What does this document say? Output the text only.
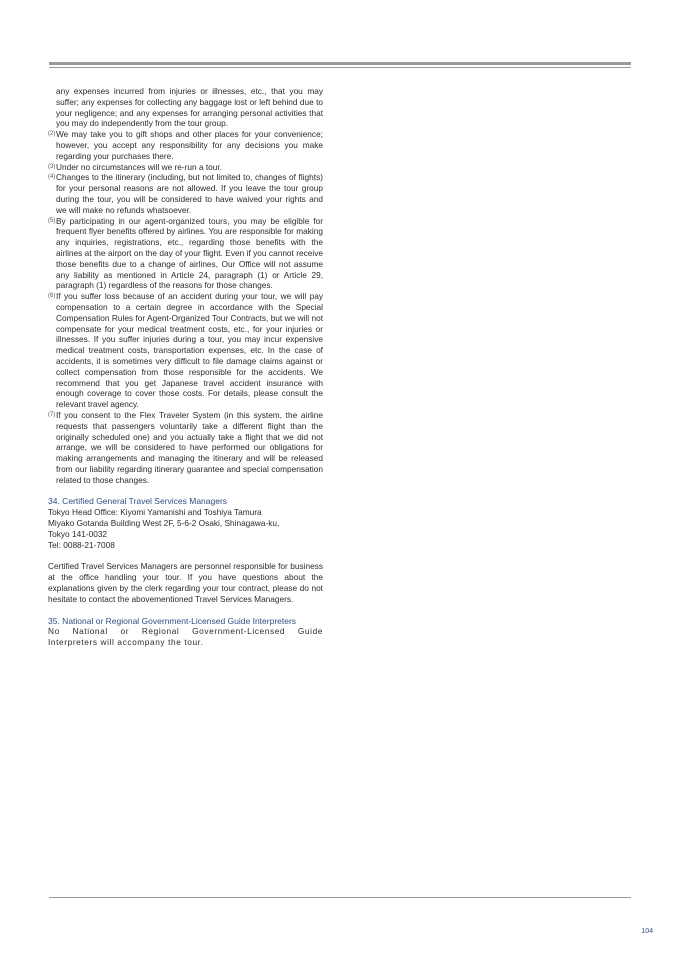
any expenses incurred from injuries or illnesses, etc., that you may suffer; any expenses for collecting any baggage lost or left behind due to your negligence; and any expenses for arranging personal activities that you may do independently from the tour group.

(2) We may take you to gift shops and other places for your convenience; however, you accept any responsibility for any decisions you make regarding your purchases there.
(3) Under no circumstances will we re-run a tour.
(4) Changes to the itinerary (including, but not limited to, changes of flights) for your personal reasons are not allowed. If you leave the tour group during the tour, you will be considered to have waived your rights and we will make no refunds whatsoever.
(5) By participating in our agent-organized tours, you may be eligible for frequent flyer benefits offered by airlines. You are responsible for making any inquiries, registrations, etc., regarding those benefits with the airlines at the airport on the day of your flight. Even if you cannot receive those benefits due to a change of airlines, Our Office will not assume any liability as mentioned in Article 24, paragraph (1) or Article 29, paragraph (1) regardless of the reasons for those changes.
(6) If you suffer loss because of an accident during your tour, we will pay compensation to a certain degree in accordance with the Special Compensation Rules for Agent-Organized Tour Contracts, but we will not compensate for your medical treatment costs, etc., for your injuries or illnesses. If you suffer injuries during a tour, you may incur expensive medical treatment costs, transportation expenses, etc. In the case of accidents, it is sometimes very difficult to file damage claims against or collect compensation from those responsible for the accidents. We recommend that you get Japanese travel accident insurance with enough coverage to cover those costs. For details, please consult the relevant travel agency.
(7) If you consent to the Flex Traveler System (in this system, the airline requests that passengers voluntarily take a different flight than the originally scheduled one) and you actually take a flight that we did not arrange, we will be considered to have performed our obligations for making arrangements and managing the itinerary and will be released from our liability regarding itinerary guarantee and special compensation related to those changes.

34. Certified General Travel Services Managers

Tokyo Head Office: Kiyomi Yamanishi and Toshiya Tamura

Miyako Gotanda Building West 2F, 5-6-2 Osaki, Shinagawa-ku,

Tokyo 141-0032

Tel: 0088-21-7008

Certified Travel Services Managers are personnel responsible for business at the office handling your tour. If you have questions about the explanations given by the clerk regarding your tour contract, please do not hesitate to contact the abovementioned Travel Services Managers.

35. National or Regional Government-Licensed Guide Interpreters

No National or Regional Government-Licensed Guide Interpreters will accompany the tour.

104
